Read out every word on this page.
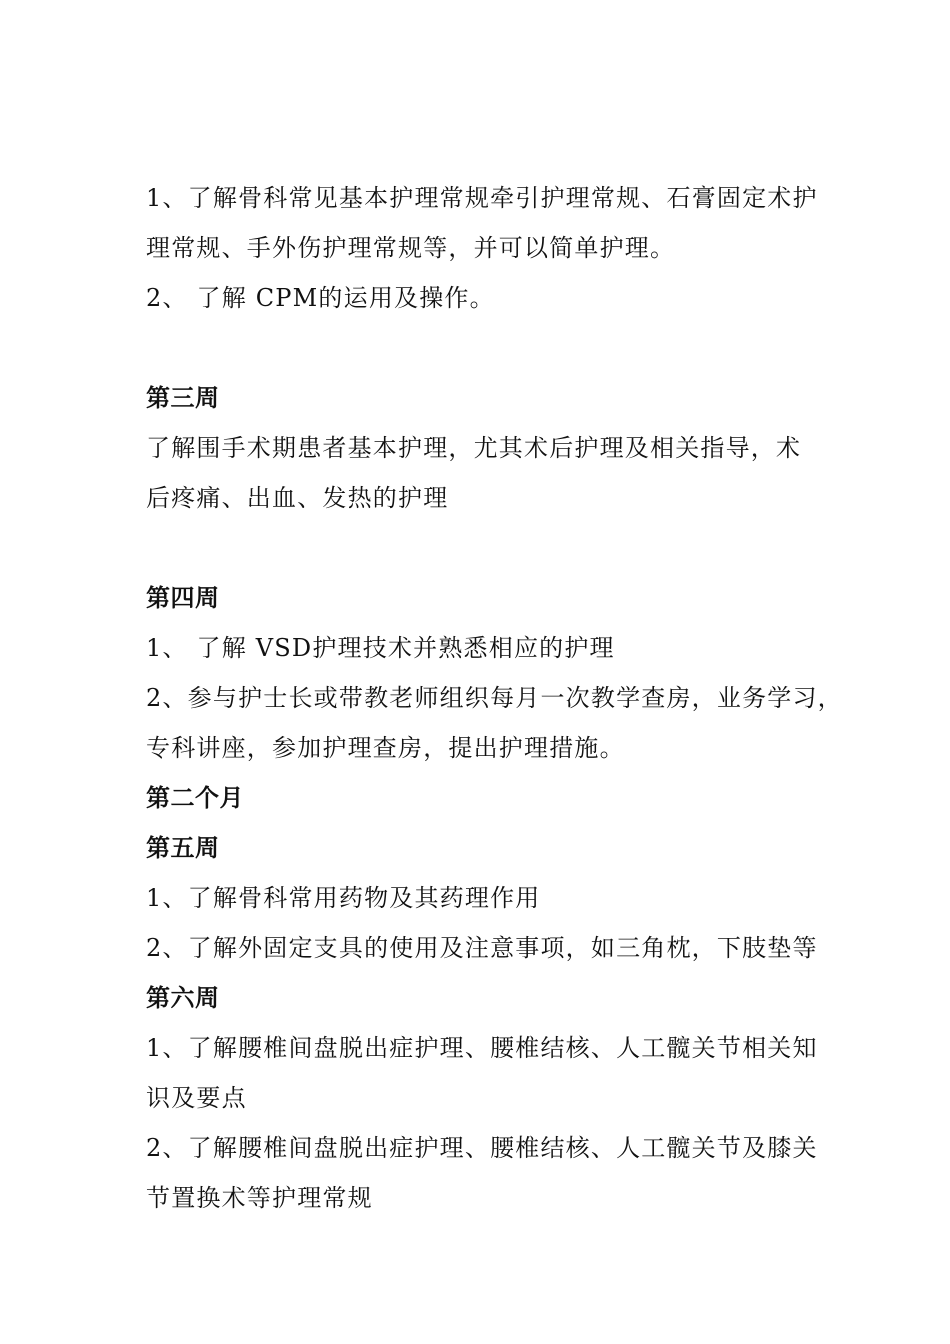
1、了解骨科常见基本护理常规牵引护理常规、石膏固定术护
理常规、手外伤护理常规等，并可以简单护理。
2、 了解 CPM的运用及操作。
第三周
了解围手术期患者基本护理，尤其术后护理及相关指导，术
后疼痛、出血、发热的护理
第四周
1、 了解 VSD护理技术并熟悉相应的护理
2、参与护士长或带教老师组织每月一次教学查房，业务学习，
专科讲座，参加护理查房，提出护理措施。
第二个月
第五周
1、了解骨科常用药物及其药理作用
2、了解外固定支具的使用及注意事项，如三角枕，下肢垫等
第六周
1、了解腰椎间盘脱出症护理、腰椎结核、人工髋关节相关知
识及要点
2、了解腰椎间盘脱出症护理、腰椎结核、人工髋关节及膝关
节置换术等护理常规
